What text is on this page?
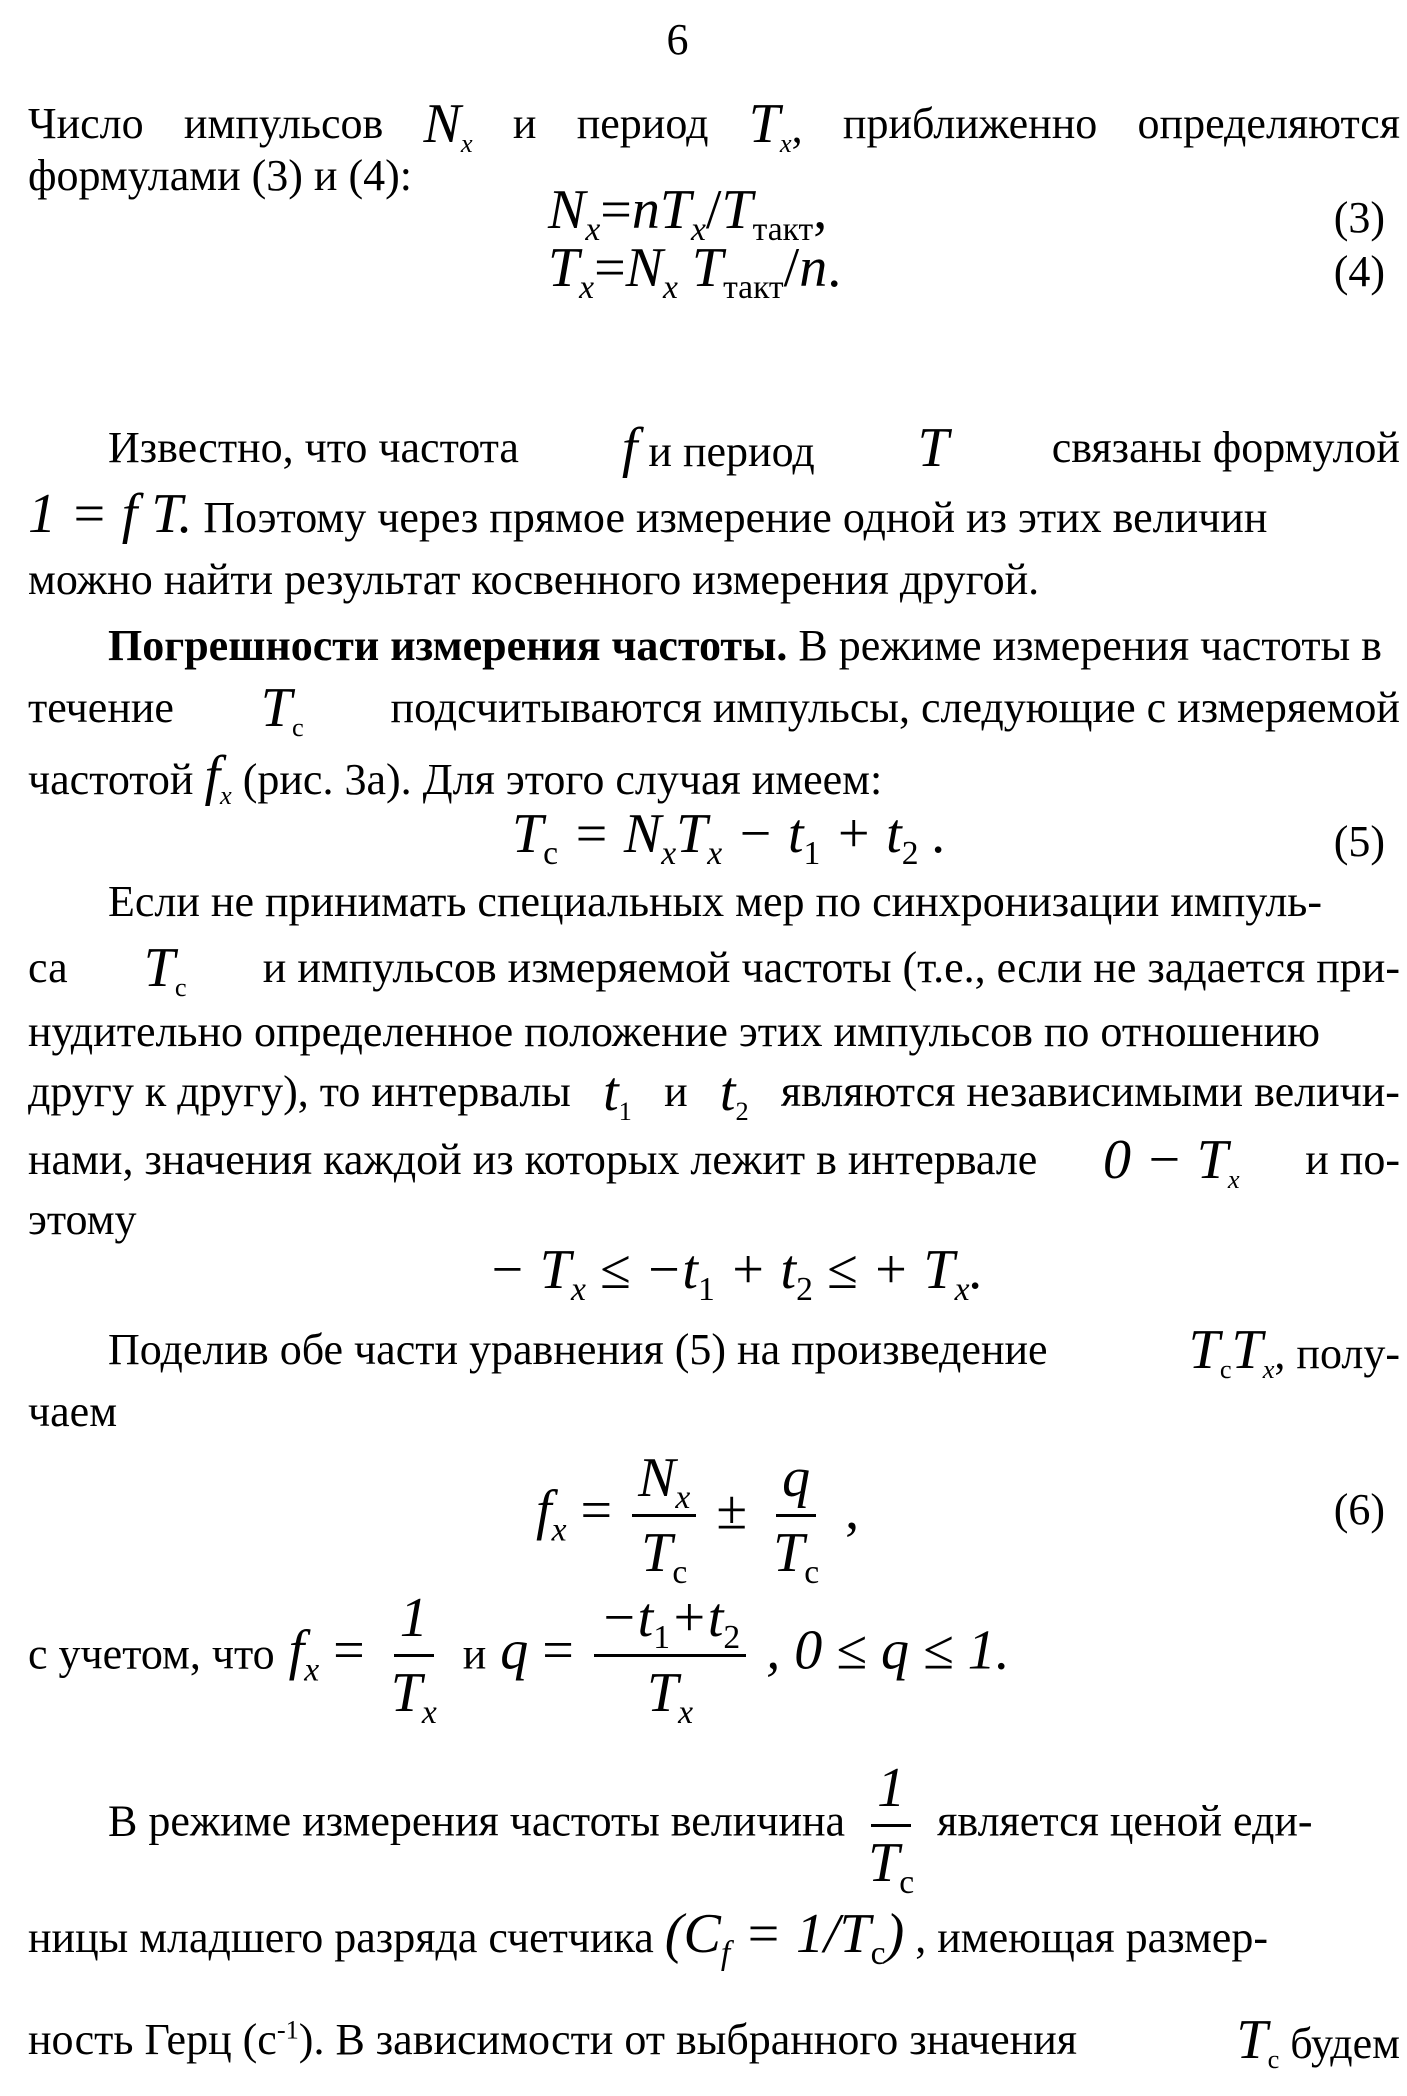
6
Число импульсов $N_x$ и период $T_x$, приближенно определяются
формулами (3) и (4):
$N_x=nT_x/T_{такт}$,	(3)
$T_x=N_x$ $T_{такт}/n$.	(4)
Известно, что частота f и период T связаны формулой
1 = f T. Поэтому через прямое измерение одной из этих величин
можно найти результат косвенного измерения другой.
Погрешности измерения частоты. В режиме измерения частоты в
течение $T_c$ подсчитываются импульсы, следующие с измеряемой
частотой $f_x$ (рис. 3а). Для этого случая имеем:
$T_c = N_xT_x - t_1 + t_2$ .	(5)
Если не принимать специальных мер по синхронизации импуль-
са $T_c$ и импульсов измеряемой частоты (т.е., если не задается при-
нудительно определенное положение этих импульсов по отношению
другу к другу), то интервалы $t_1$ и $t_2$ являются независимыми величи-
нами, значения каждой из которых лежит в интервале $0 - T_x$ и по-
этому
− $T_x \le -t_1 + t_2$ ≤ + $T_x$.
Поделив обе части уравнения (5) на произведение	$T_cT_x$, полу-
чаем
$f_x = \frac{N_x}{T_c} \pm \frac{q}{T_c}$ ,	(6)
с учетом, что $f_x = \frac{1}{T_x}$ и $q = \frac{-t_1+t_2}{T_x}$ , 0 ≤ q ≤ 1.
В режиме измерения частоты величина $\frac{1}{T_c}$ является ценой еди-
ницы младшего разряда счетчика $(C_f = 1/T_c)$ , имеющая размер-
ность Герц $(с^{-1})$. В зависимости от выбранного значения	$T_c$ будем
